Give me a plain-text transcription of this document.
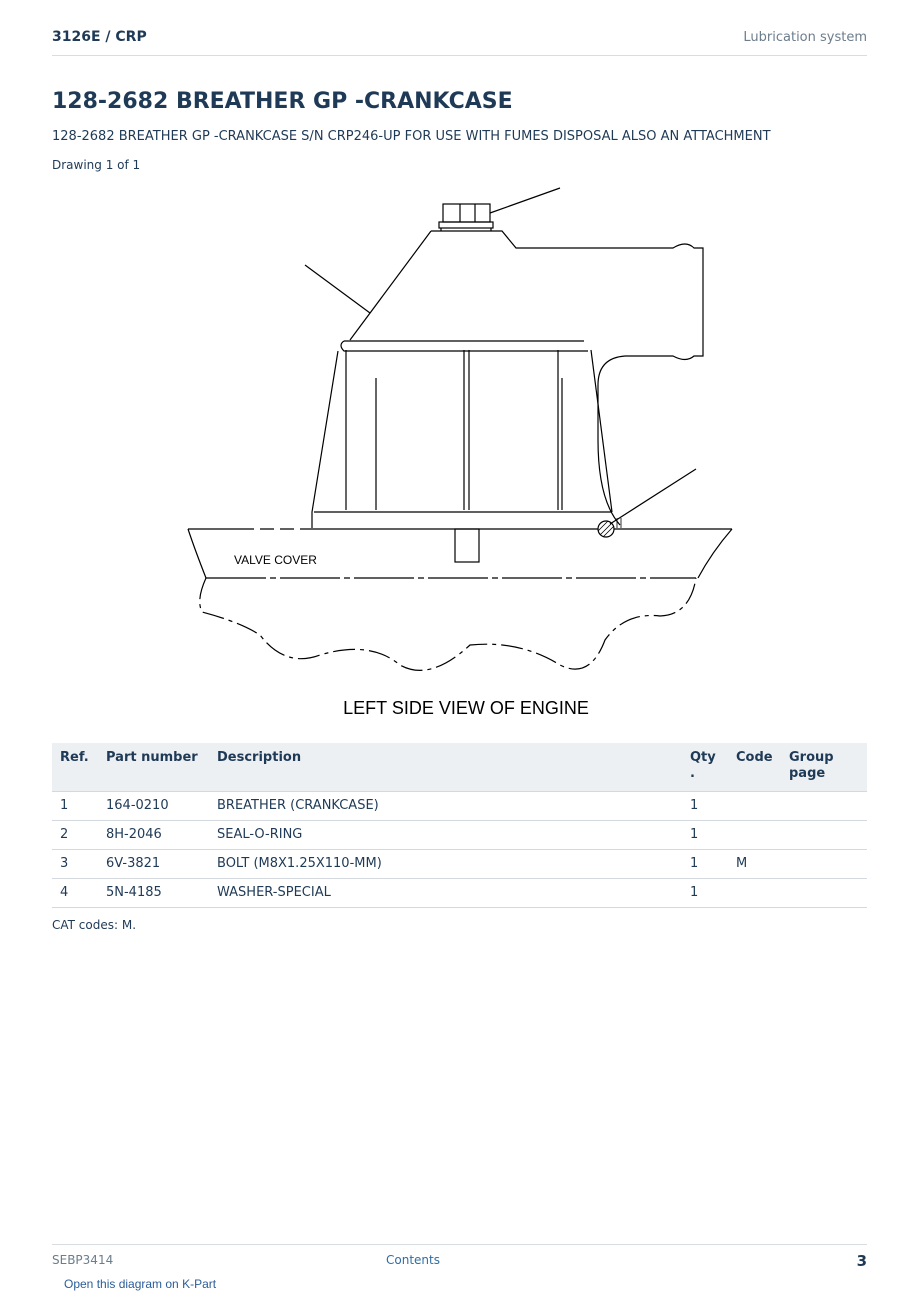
3126E / CRP	Lubrication system
128-2682 BREATHER GP -CRANKCASE
128-2682 BREATHER GP -CRANKCASE S/N CRP246-UP FOR USE WITH FUMES DISPOSAL ALSO AN ATTACHMENT
Drawing 1 of 1
VALVE COVER
LEFT SIDE VIEW OF ENGINE
Ref.	Part number	Description	Qty .	Code	Group page
1	164-0210	BREATHER (CRANKCASE)	1		
2	8H-2046	SEAL-O-RING	1		
3	6V-3821	BOLT (M8X1.25X110-MM)	1	M	
4	5N-4185	WASHER-SPECIAL	1		
CAT codes: M.
SEBP3414	Contents	3
Open this diagram on K-Part
